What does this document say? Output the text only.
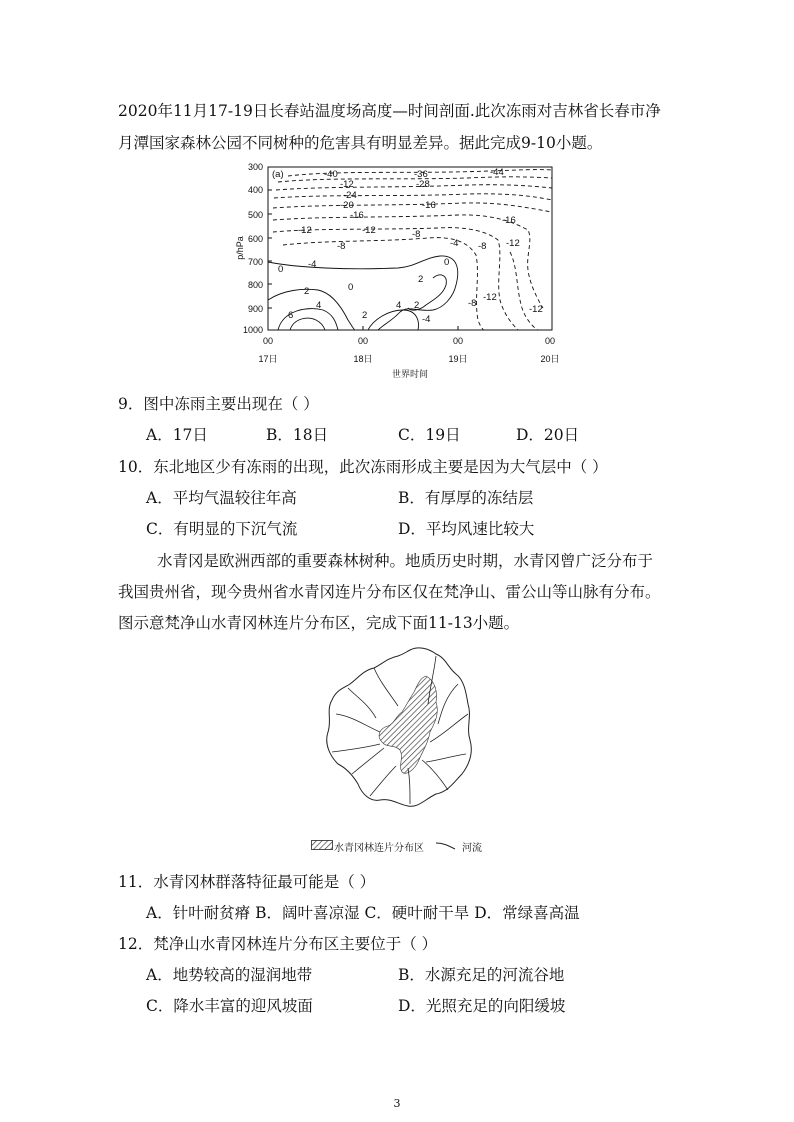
2020年11月17-19日长春站温度场高度—时间剖面.此次冻雨对吉林省长春市净
月潭国家森林公园不同树种的危害具有明显差异。据此完成9-10小题。
(a)
300
400
500
600
700
800
900
1000
p/hPa
00	00	00	00
17日	18日	19日	20日
世界时间
-40	-36	-44
-12	-28
-24
-20
-16
-16
-16
-12	-12
-8
-8
-12
-8
-4
-4
0
0
2
0
2
4
-12
6
4 2
2	-4
-8
-12
9．图中冻雨主要出现在（ ）
A．17日	B．18日	C．19日	D．20日
10．东北地区少有冻雨的出现，此次冻雨形成主要是因为大气层中（ ）
A．平均气温较往年高	B．有厚厚的冻结层
C．有明显的下沉气流	D．平均风速比较大
水青冈是欧洲西部的重要森林树种。地质历史时期，水青冈曾广泛分布于
我国贵州省，现今贵州省水青冈连片分布区仅在梵净山、雷公山等山脉有分布。
图示意梵净山水青冈林连片分布区，完成下面11-13小题。
水青冈林连片分布区	河流
11．水青冈林群落特征最可能是（ ）
A．针叶耐贫瘠 B．阔叶喜凉湿 C．硬叶耐干旱 D．常绿喜高温
12．梵净山水青冈林连片分布区主要位于（ ）
A．地势较高的湿润地带	B．水源充足的河流谷地
C．降水丰富的迎风坡面	D．光照充足的向阳缓坡
3
